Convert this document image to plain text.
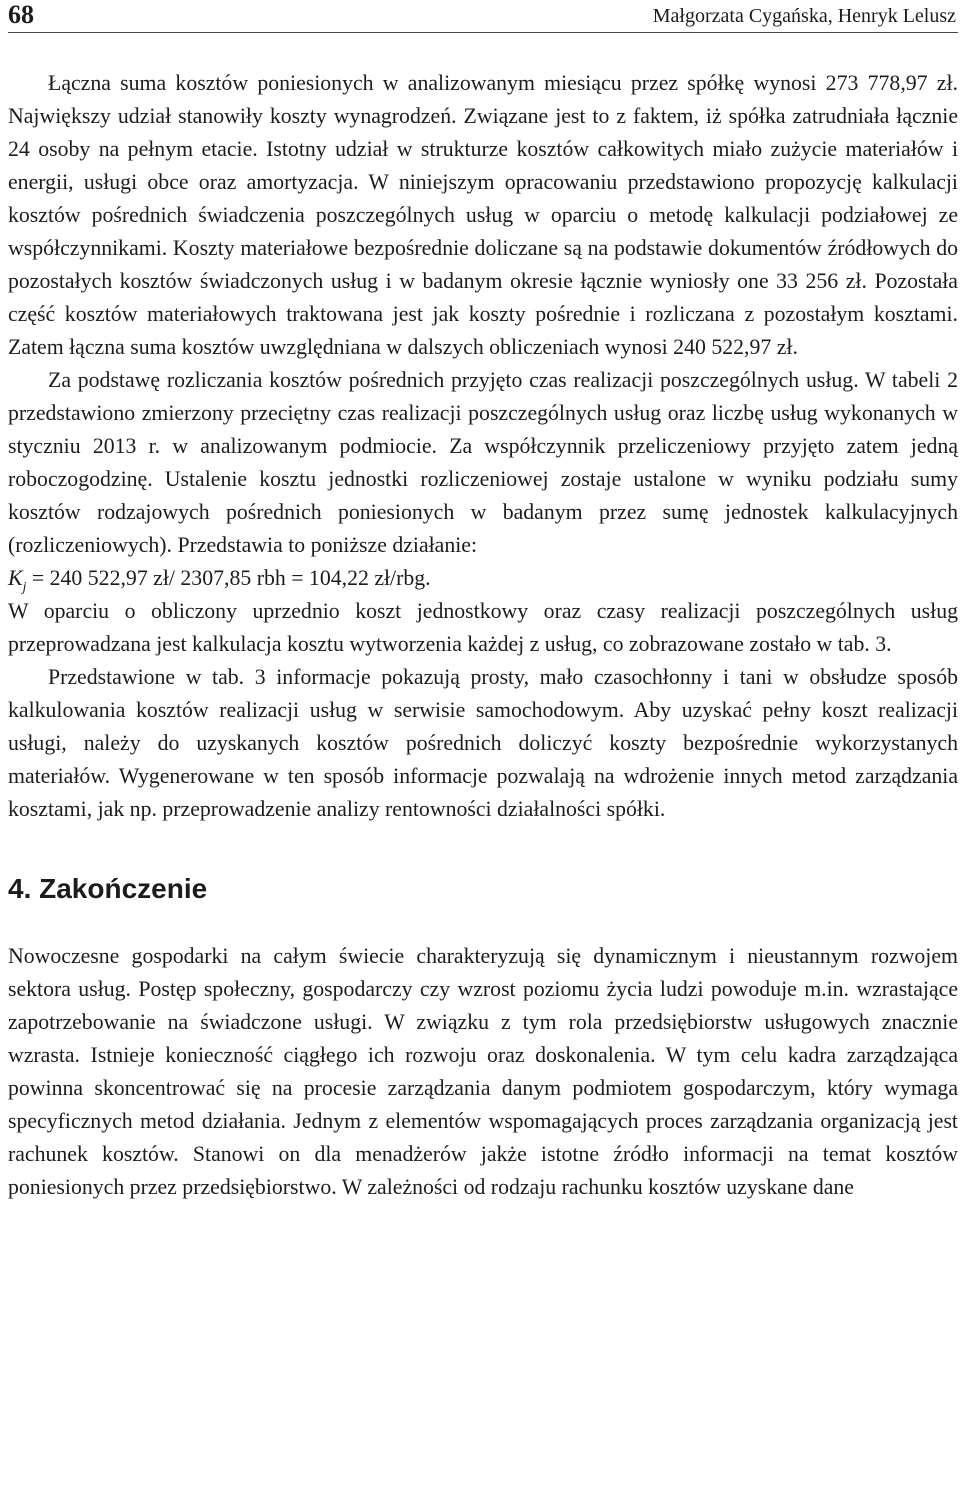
68	Małgorzata Cygańska, Henryk Lelusz

Łączna suma kosztów poniesionych w analizowanym miesiącu przez spółkę wynosi 273 778,97 zł. Największy udział stanowiły koszty wynagrodzeń. Związane jest to z faktem, iż spółka zatrudniała łącznie 24 osoby na pełnym etacie. Istotny udział w strukturze kosztów całkowitych miało zużycie materiałów i energii, usługi obce oraz amortyzacja. W niniejszym opracowaniu przedstawiono propozycję kalkulacji kosztów pośrednich świadczenia poszczególnych usług w oparciu o metodę kalkulacji podziałowej ze współczynnikami. Koszty materiałowe bezpośrednie doliczane są na podstawie dokumentów źródłowych do pozostałych kosztów świadczonych usług i w badanym okresie łącznie wyniosły one 33 256 zł. Pozostała część kosztów materiałowych traktowana jest jak koszty pośrednie i rozliczana z pozostałym kosztami. Zatem łączna suma kosztów uwzględniana w dalszych obliczeniach wynosi 240 522,97 zł.

Za podstawę rozliczania kosztów pośrednich przyjęto czas realizacji poszczególnych usług. W tabeli 2 przedstawiono zmierzony przeciętny czas realizacji poszczególnych usług oraz liczbę usług wykonanych w styczniu 2013 r. w analizowanym podmiocie. Za współczynnik przeliczeniowy przyjęto zatem jedną roboczogodzinę. Ustalenie kosztu jednostki rozliczeniowej zostaje ustalone w wyniku podziału sumy kosztów rodzajowych pośrednich poniesionych w badanym przez sumę jednostek kalkulacyjnych (rozliczeniowych). Przedstawia to poniższe działanie:

$K_j = 240$ 522,97 zł/ 2307,85 rbh = 104,22 zł/rbg.

W oparciu o obliczony uprzednio koszt jednostkowy oraz czasy realizacji poszczególnych usług przeprowadzana jest kalkulacja kosztu wytworzenia każdej z usług, co zobrazowane zostało w tab. 3.

Przedstawione w tab. 3 informacje pokazują prosty, mało czasochłonny i tani w obsłudze sposób kalkulowania kosztów realizacji usług w serwisie samochodowym. Aby uzyskać pełny koszt realizacji usługi, należy do uzyskanych kosztów pośrednich doliczyć koszty bezpośrednie wykorzystanych materiałów. Wygenerowane w ten sposób informacje pozwalają na wdrożenie innych metod zarządzania kosztami, jak np. przeprowadzenie analizy rentowności działalności spółki.

4. Zakończenie

Nowoczesne gospodarki na całym świecie charakteryzują się dynamicznym i nieustannym rozwojem sektora usług. Postęp społeczny, gospodarczy czy wzrost poziomu życia ludzi powoduje m.in. wzrastające zapotrzebowanie na świadczone usługi. W związku z tym rola przedsiębiorstw usługowych znacznie wzrasta. Istnieje konieczność ciągłego ich rozwoju oraz doskonalenia. W tym celu kadra zarządzająca powinna skoncentrować się na procesie zarządzania danym podmiotem gospodarczym, który wymaga specyficznych metod działania. Jednym z elementów wspomagających proces zarządzania organizacją jest rachunek kosztów. Stanowi on dla menadżerów jakże istotne źródło informacji na temat kosztów poniesionych przez przedsiębiorstwo. W zależności od rodzaju rachunku kosztów uzyskane dane
